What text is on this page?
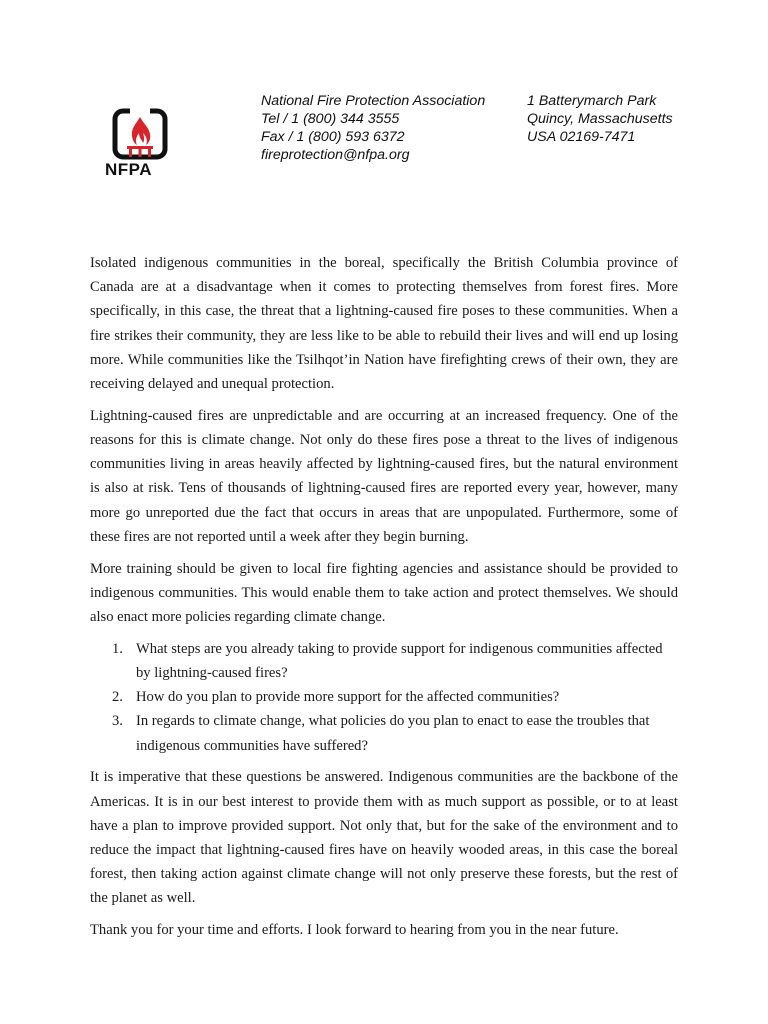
NFPA
National Fire Protection Association
Tel / 1 (800) 344 3555
Fax / 1 (800) 593 6372
fireprotection@nfpa.org
1 Batterymarch Park
Quincy, Massachusetts
USA 02169-7471

Isolated indigenous communities in the boreal, specifically the British Columbia province of Canada are at a disadvantage when it comes to protecting themselves from forest fires. More specifically, in this case, the threat that a lightning-caused fire poses to these communities. When a fire strikes their community, they are less like to be able to rebuild their lives and will end up losing more. While communities like the Tsilhqot’in Nation have firefighting crews of their own, they are receiving delayed and unequal protection.

Lightning-caused fires are unpredictable and are occurring at an increased frequency. One of the reasons for this is climate change. Not only do these fires pose a threat to the lives of indigenous communities living in areas heavily affected by lightning-caused fires, but the natural environment is also at risk. Tens of thousands of lightning-caused fires are reported every year, however, many more go unreported due the fact that occurs in areas that are unpopulated. Furthermore, some of these fires are not reported until a week after they begin burning.

More training should be given to local fire fighting agencies and assistance should be provided to indigenous communities. This would enable them to take action and protect themselves. We should also enact more policies regarding climate change.

1. What steps are you already taking to provide support for indigenous communities affected by lightning-caused fires?
2. How do you plan to provide more support for the affected communities?
3. In regards to climate change, what policies do you plan to enact to ease the troubles that indigenous communities have suffered?

It is imperative that these questions be answered. Indigenous communities are the backbone of the Americas. It is in our best interest to provide them with as much support as possible, or to at least have a plan to improve provided support. Not only that, but for the sake of the environment and to reduce the impact that lightning-caused fires have on heavily wooded areas, in this case the boreal forest, then taking action against climate change will not only preserve these forests, but the rest of the planet as well.

Thank you for your time and efforts. I look forward to hearing from you in the near future.
